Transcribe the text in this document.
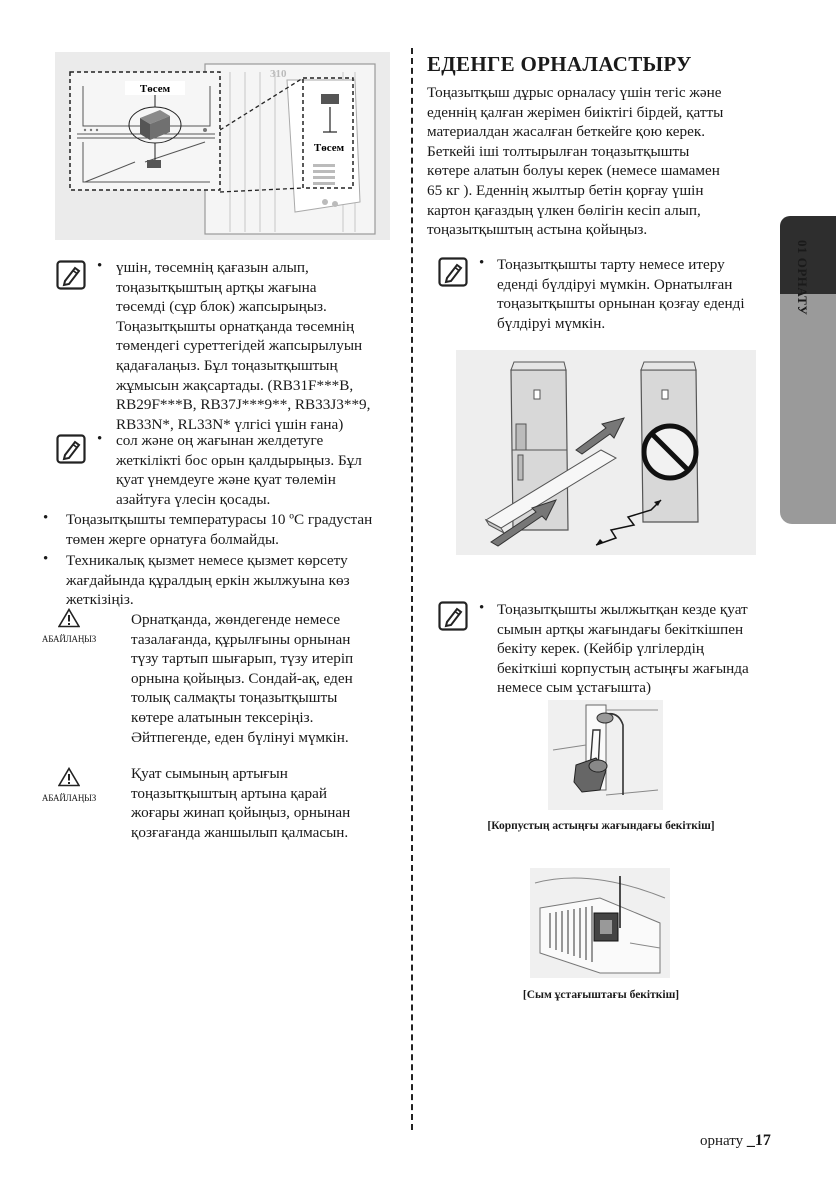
01 ОРНАТУ
310
Төсем
Төсем
• үшін, төсемнің қағазын алып,
тоңазытқыштың артқы жағына
төсемді (сұр блок) жапсырыңыз.
Тоңазытқышты орнатқанда төсемнің
төмендегі суреттегідей жапсырылуын
қадағалаңыз. Бұл тоңазытқыштың
жұмысын жақсартады. (RB31F***B,
RB29F***B, RB37J***9**, RB33J3**9,
RB33N*, RL33N* үлгісі үшін ғана)
• сол және оң жағынан желдетуге
жеткілікті бос орын қалдырыңыз. Бұл
қуат үнемдеуге және қуат төлемін
азайтуға үлесін қосады.
• Тоңазытқышты температурасы 10 ºC градустан
төмен жерге орнатуға болмайды.
• Техникалық қызмет немесе қызмет көрсету
жағдайында құралдың еркін жылжуына көз
жеткізіңіз.
АБАЙЛАҢЫЗ
Орнатқанда, жөндегенде немесе
тазалағанда, құрылғыны орнынан
түзу тартып шығарып, түзу итеріп
орнына қойыңыз. Сондай-ақ, еден
толық салмақты тоңазытқышты
көтере алатынын тексеріңіз.
Әйтпегенде, еден бүлінуі мүмкін.
АБАЙЛАҢЫЗ
Қуат сымының артығын
тоңазытқыштың артына қарай
жоғары жинап қойыңыз, орнынан
қозғағанда жаншылып қалмасын.
ЕДЕНГЕ ОРНАЛАСТЫРУ
Тоңазытқыш дұрыс орналасу үшін тегіс және
еденнің қалған жерімен биіктігі бірдей, қатты
материалдан жасалған беткейге қою керек.
Беткейі іші толтырылған тоңазытқышты
көтере алатын болуы керек (немесе шамамен
65 кг ). Еденнің жылтыр бетін қорғау үшін
картон қағаздың үлкен бөлігін кесіп алып,
тоңазытқыштың астына қойыңыз.
• Тоңазытқышты тарту немесе итеру
еденді бүлдіруі мүмкін. Орнатылған
тоңазытқышты орнынан қозғау еденді
бүлдіруі мүмкін.
• Тоңазытқышты жылжытқан кезде қуат
сымын артқы жағындағы бекіткішпен
бекіту керек. (Кейбір үлгілердің
бекіткіші корпустың астыңғы жағында
немесе сым ұстағышта)
[Корпустың астыңғы жағындағы бекіткіш]
[Сым ұстағыштағы бекіткіш]
орнату _17
